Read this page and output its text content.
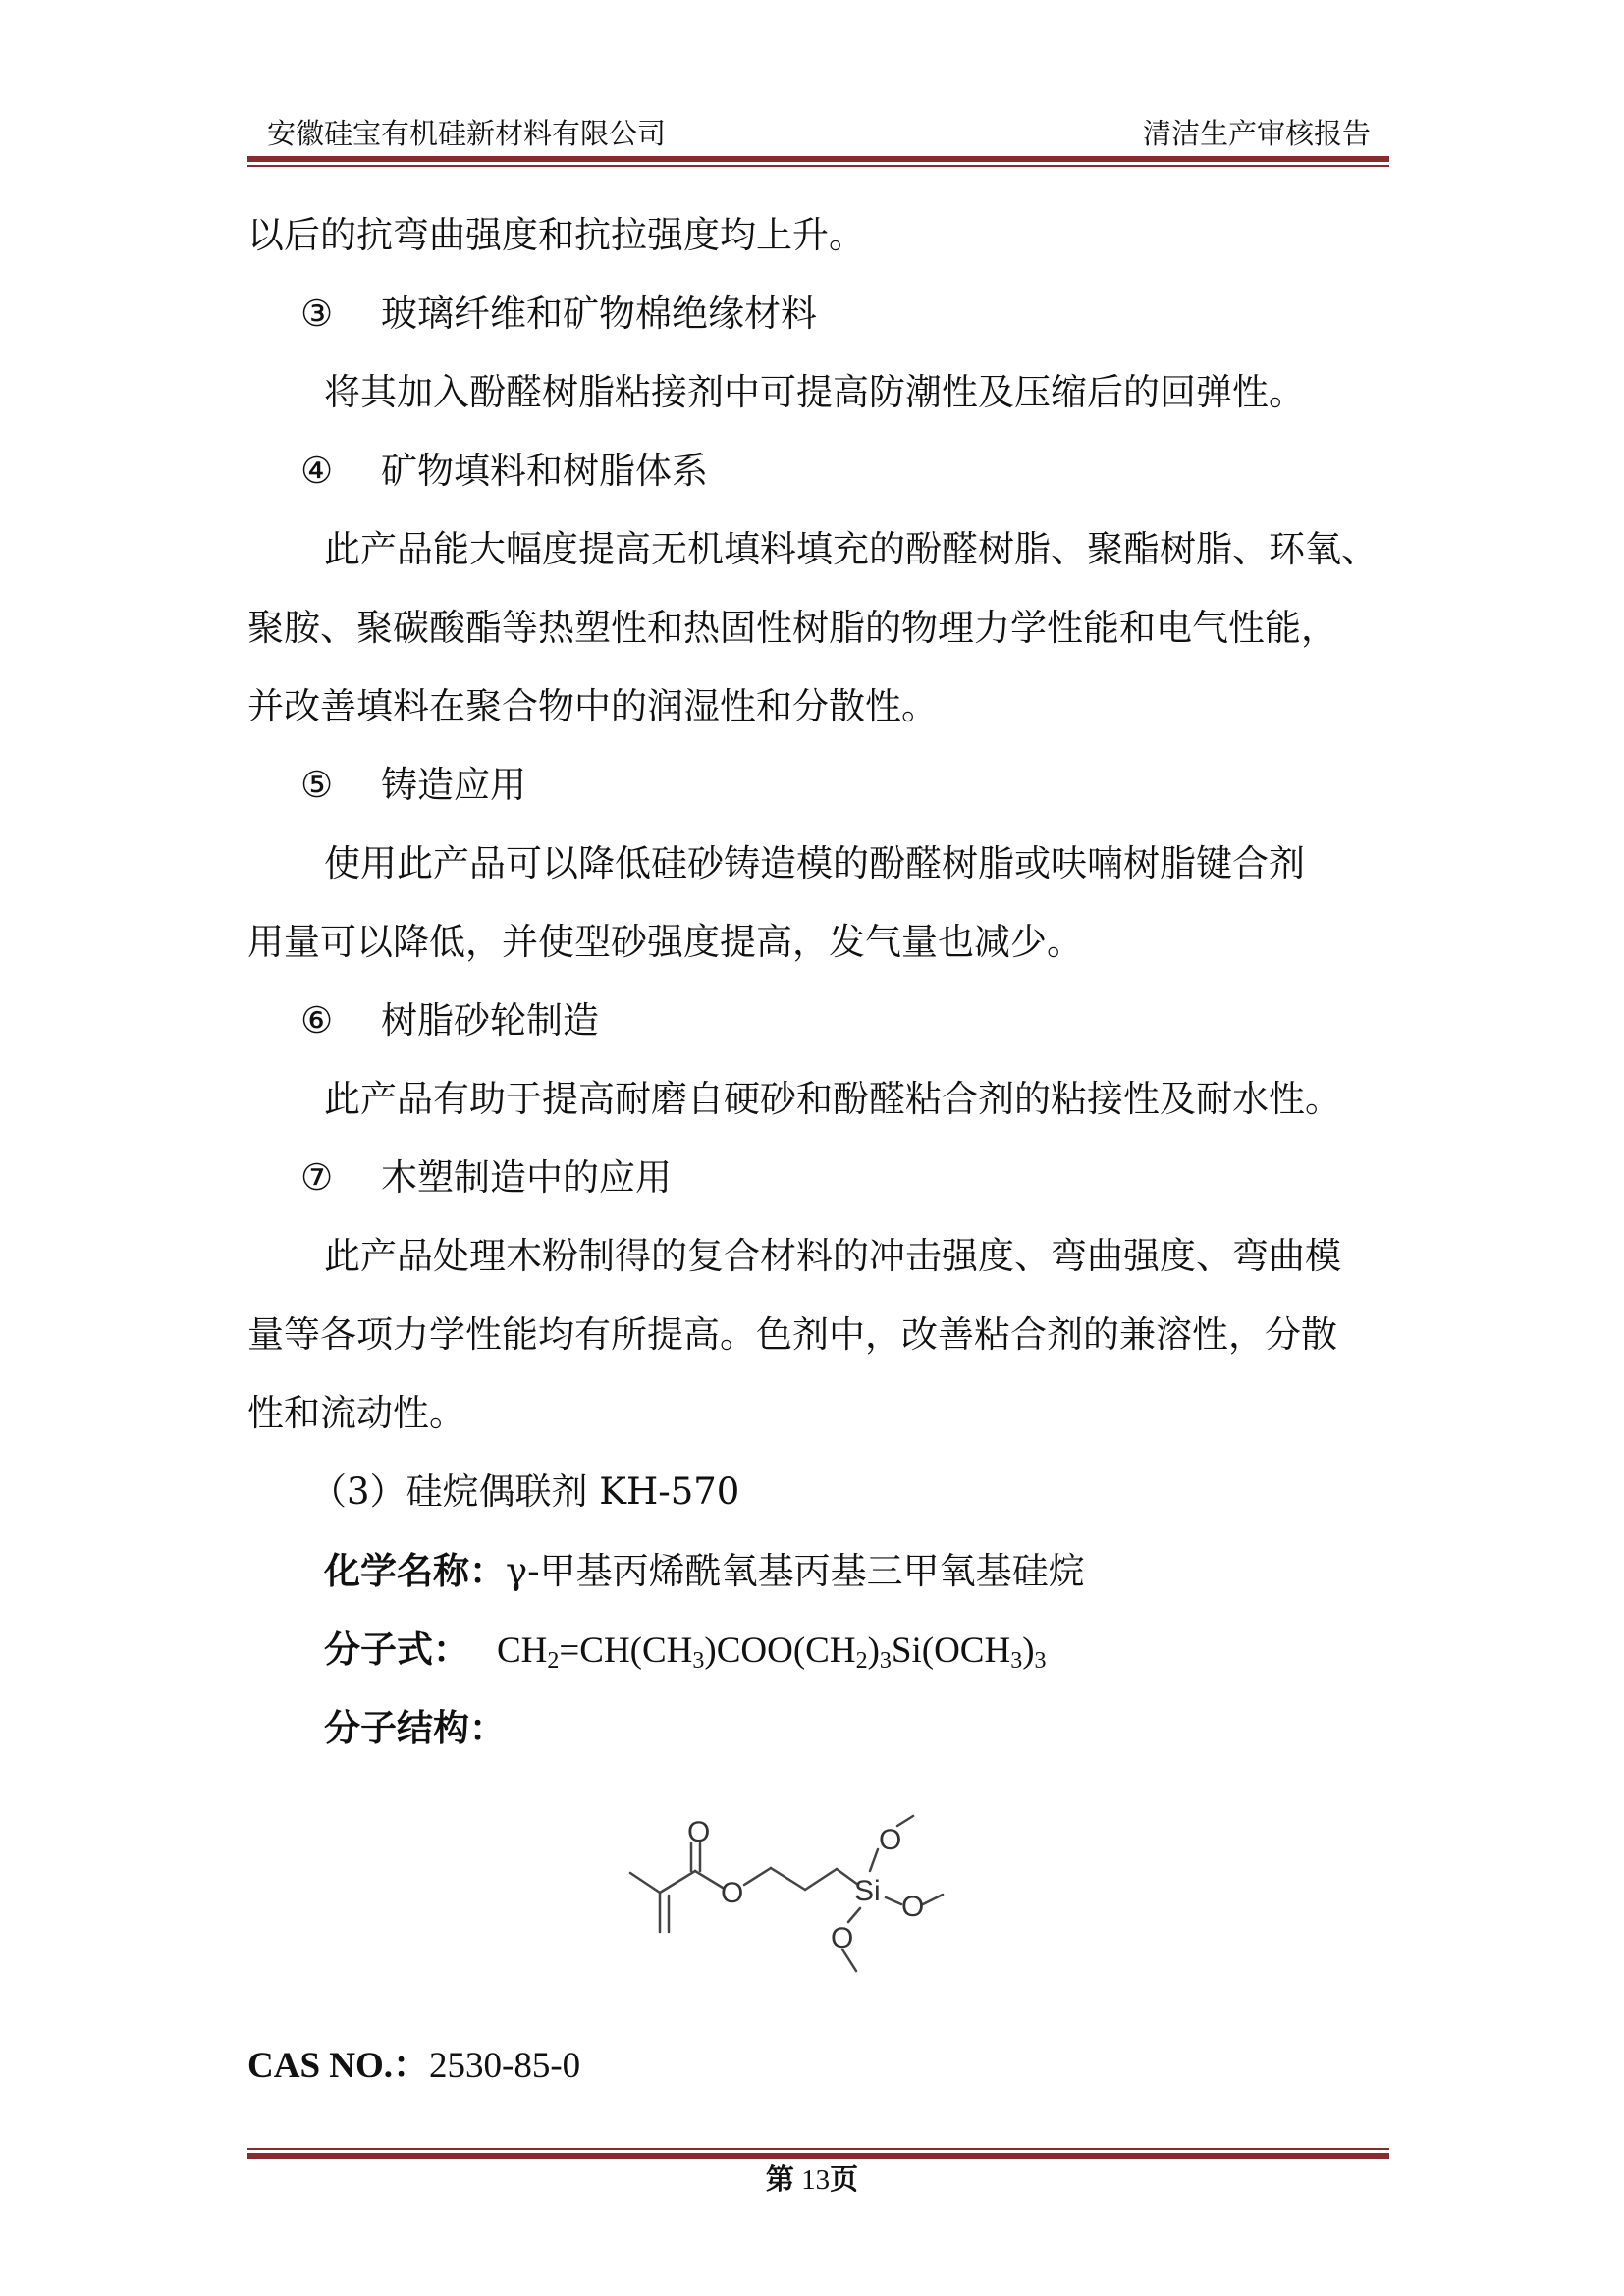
安徽硅宝有机硅新材料有限公司	清洁生产审核报告
以后的抗弯曲强度和抗拉强度均上升。
③ 玻璃纤维和矿物棉绝缘材料
将其加入酚醛树脂粘接剂中可提高防潮性及压缩后的回弹性。
④ 矿物填料和树脂体系
此产品能大幅度提高无机填料填充的酚醛树脂、聚酯树脂、环氧、
聚胺、聚碳酸酯等热塑性和热固性树脂的物理力学性能和电气性能，
并改善填料在聚合物中的润湿性和分散性。
⑤ 铸造应用
使用此产品可以降低硅砂铸造模的酚醛树脂或呋喃树脂键合剂
用量可以降低，并使型砂强度提高，发气量也减少。
⑥ 树脂砂轮制造
此产品有助于提高耐磨自硬砂和酚醛粘合剂的粘接性及耐水性。
⑦ 木塑制造中的应用
此产品处理木粉制得的复合材料的冲击强度、弯曲强度、弯曲模
量等各项力学性能均有所提高。色剂中，改善粘合剂的兼溶性，分散
性和流动性。
（3）硅烷偶联剂 KH-570
化学名称：γ-甲基丙烯酰氧基丙基三甲氧基硅烷
分子式： $CH_2=CH(CH_3)COO(CH_2)_3Si(OCH_3)_3$
分子结构：
O
O	Si
O
O
O
CAS NO.：2530-85-0
第 13页
